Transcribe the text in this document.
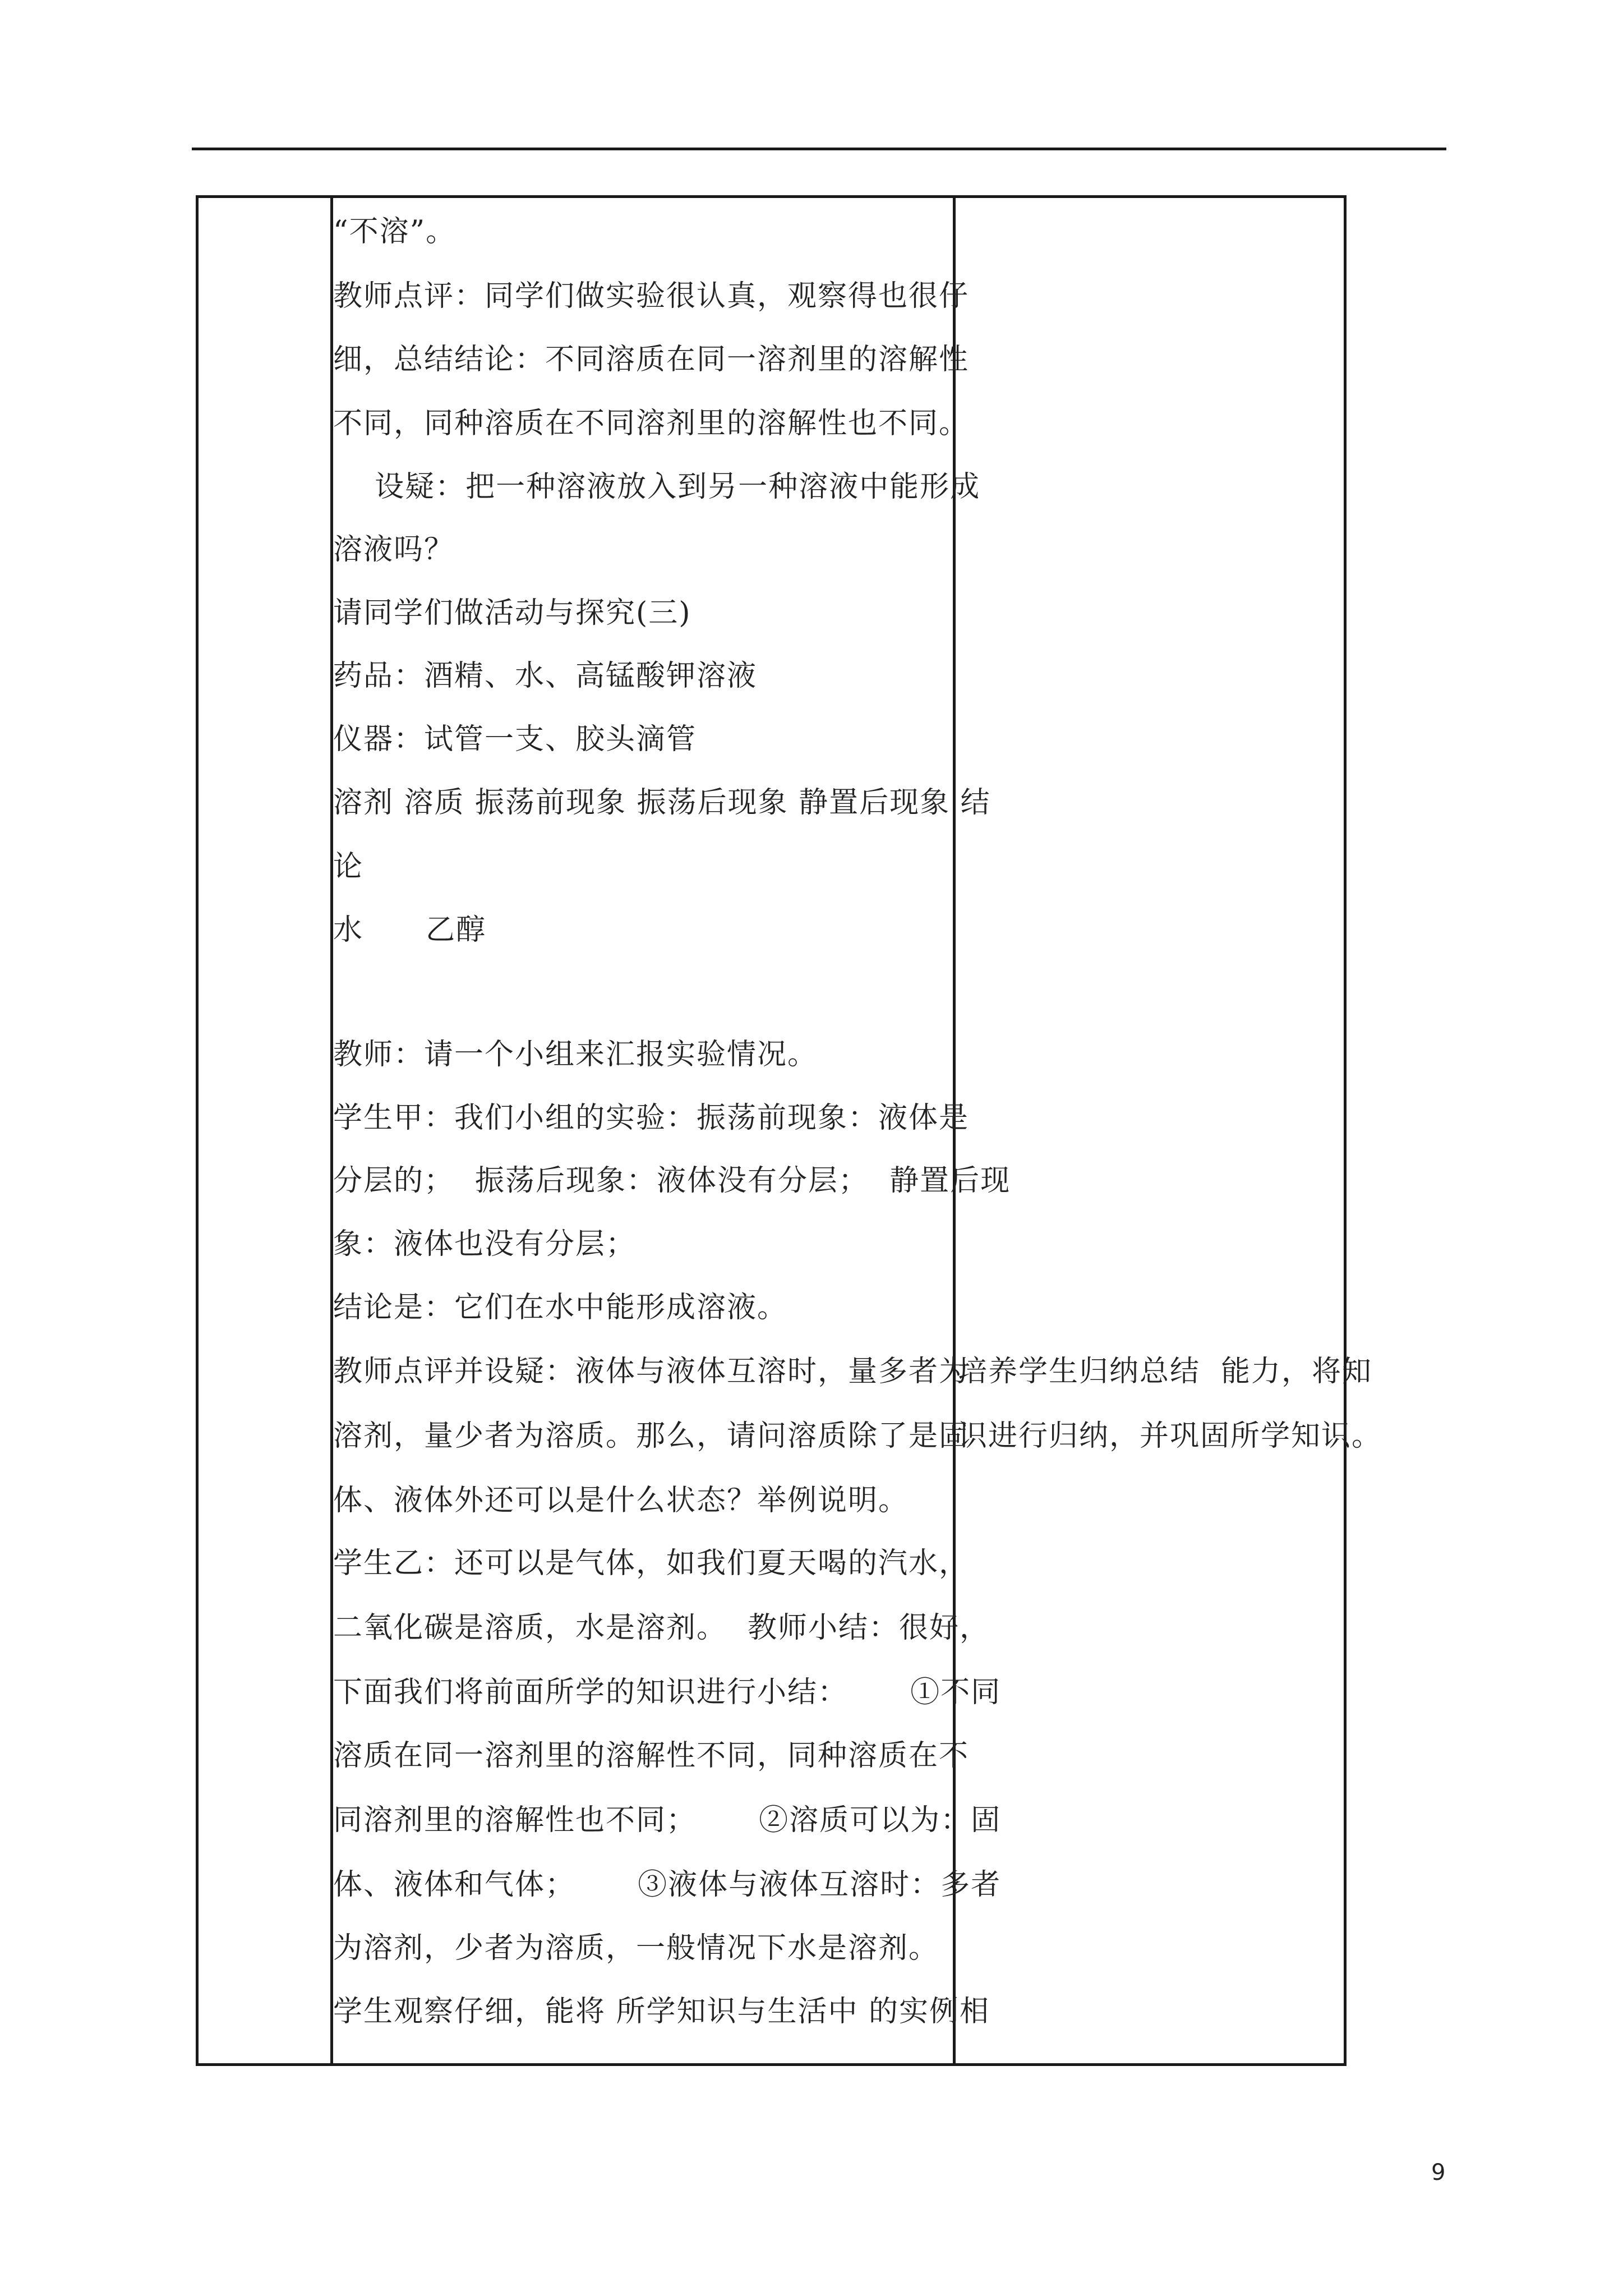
“不溶”。
教师点评：同学们做实验很认真，观察得也很仔
细，总结结论：不同溶质在同一溶剂里的溶解性
不同，同种溶质在不同溶剂里的溶解性也不同。
设疑：把一种溶液放入到另一种溶液中能形成
溶液吗？
请同学们做活动与探究(三)
药品：酒精、水、高锰酸钾溶液
仪器：试管一支、胶头滴管
溶剂 溶质 振荡前现象 振荡后现象 静置后现象 结
论
水      乙醇
教师：请一个小组来汇报实验情况。
学生甲：我们小组的实验：振荡前现象：液体是
分层的；  振荡后现象：液体没有分层；  静置后现
象：液体也没有分层；
结论是：它们在水中能形成溶液。
教师点评并设疑：液体与液体互溶时，量多者为
溶剂，量少者为溶质。那么，请问溶质除了是固
体、液体外还可以是什么状态？举例说明。
学生乙：还可以是气体，如我们夏天喝的汽水，
二氧化碳是溶质，水是溶剂。  教师小结：很好，
下面我们将前面所学的知识进行小结：      ①不同
溶质在同一溶剂里的溶解性不同，同种溶质在不
同溶剂里的溶解性也不同；      ②溶质可以为：固
体、液体和气体；      ③液体与液体互溶时：多者
为溶剂，少者为溶质，一般情况下水是溶剂。
学生观察仔细，能将 所学知识与生活中 的实例相

培养学生归纳总结  能力，将知
识进行归纳，并巩固所学知识。
9
